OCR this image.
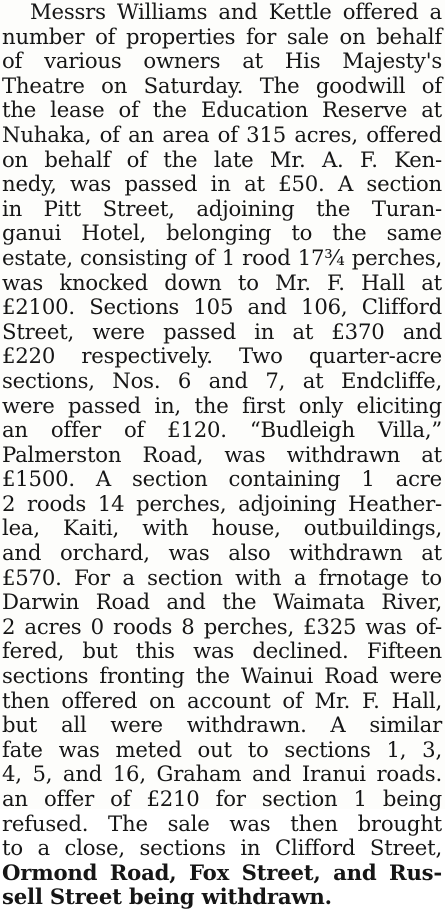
Messrs Williams and Kettle offered a
number of properties for sale on behalf
of various owners at His Majesty's
Theatre on Saturday. The goodwill of
the lease of the Education Reserve at
Nuhaka, of an area of 315 acres, offered
on behalf of the late Mr. A. F. Ken-
nedy, was passed in at £50. A section
in Pitt Street, adjoining the Turan-
ganui Hotel, belonging to the same
estate, consisting of 1 rood 17¾ perches,
was knocked down to Mr. F. Hall at
£2100. Sections 105 and 106, Clifford
Street, were passed in at £370 and
£220 respectively. Two quarter-acre
sections, Nos. 6 and 7, at Endcliffe,
were passed in, the first only eliciting
an offer of £120. “Budleigh Villa,”
Palmerston Road, was withdrawn at
£1500. A section containing 1 acre
2 roods 14 perches, adjoining Heather-
lea, Kaiti, with house, outbuildings,
and orchard, was also withdrawn at
£570. For a section with a frnotage to
Darwin Road and the Waimata River,
2 acres 0 roods 8 perches, £325 was of-
fered, but this was declined. Fifteen
sections fronting the Wainui Road were
then offered on account of Mr. F. Hall,
but all were withdrawn. A similar
fate was meted out to sections 1, 3,
4, 5, and 16, Graham and Iranui roads.
an offer of £210 for section 1 being
refused. The sale was then brought
to a close, sections in Clifford Street,
Ormond Road, Fox Street, and Rus-
sell Street being withdrawn.
